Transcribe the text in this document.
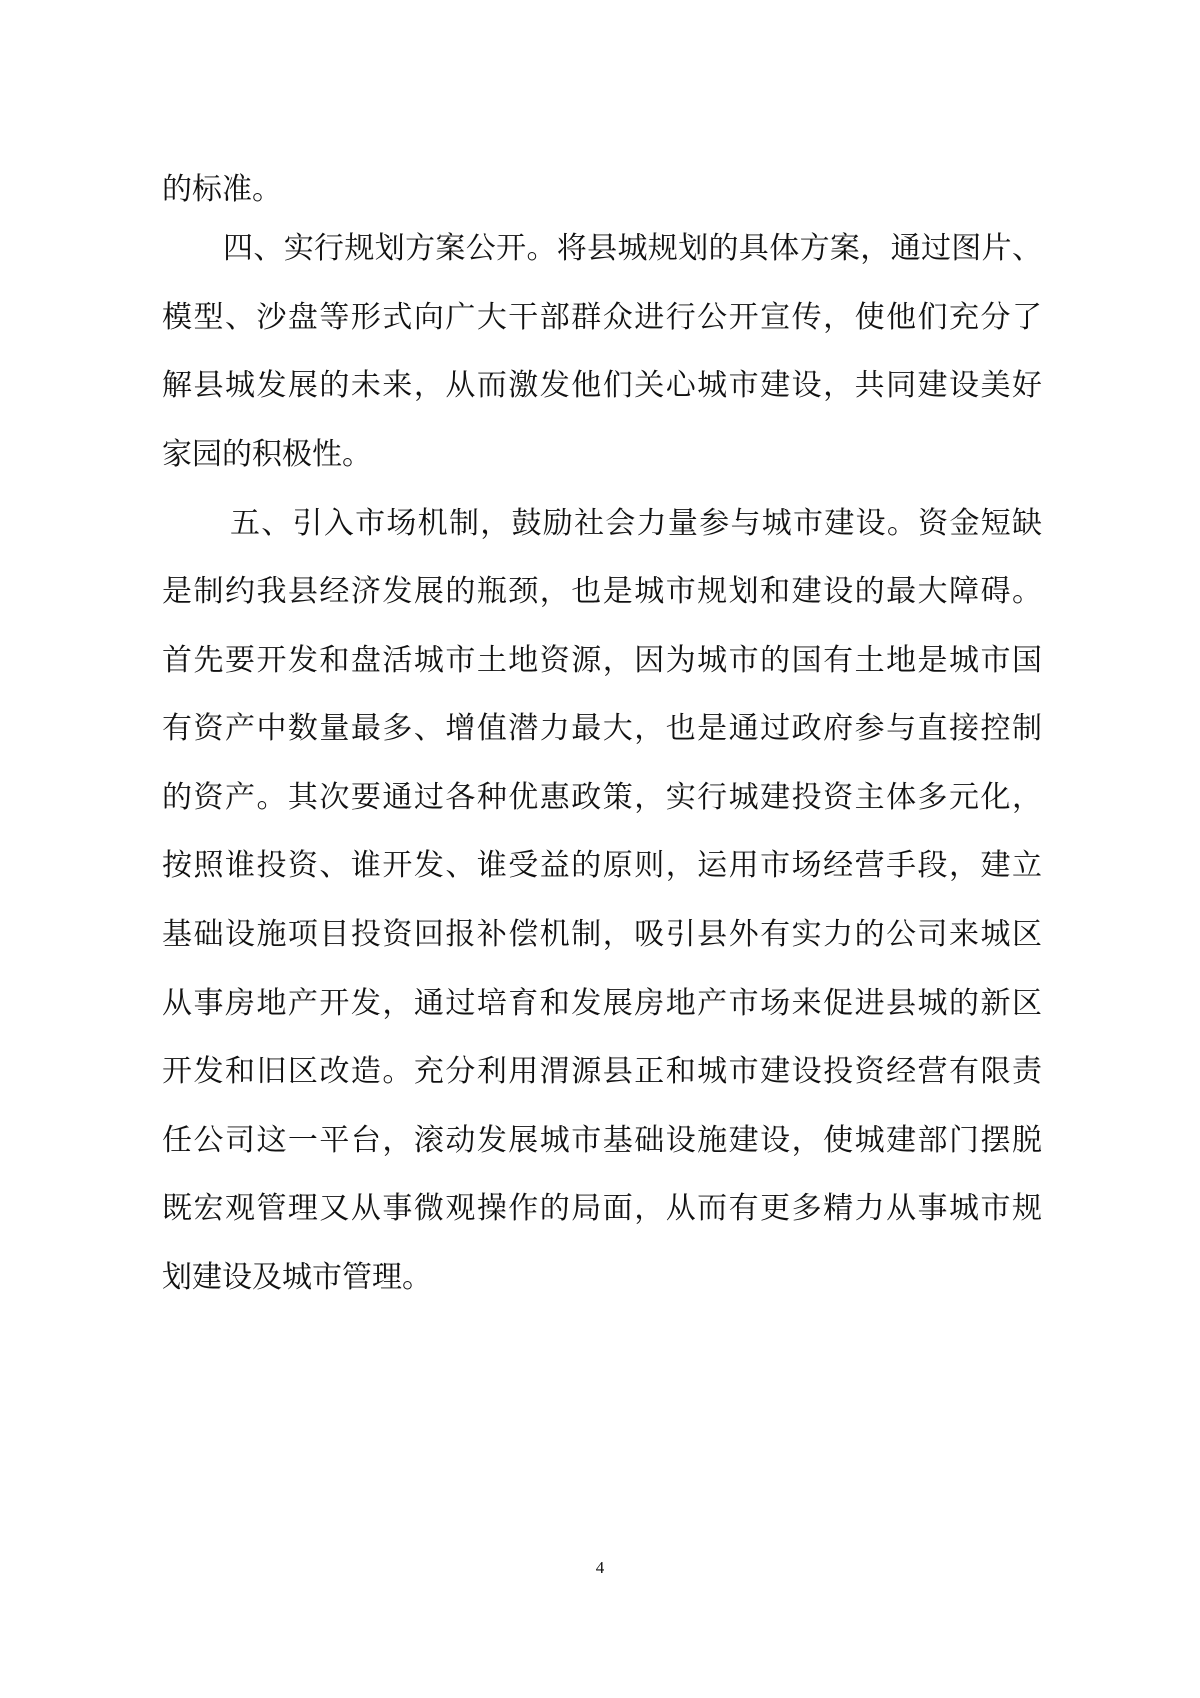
的标准。
四、实行规划方案公开。将县城规划的具体方案，通过图片、
模型、沙盘等形式向广大干部群众进行公开宣传，使他们充分了
解县城发展的未来，从而激发他们关心城市建设，共同建设美好
家园的积极性。
五、引入市场机制，鼓励社会力量参与城市建设。资金短缺
是制约我县经济发展的瓶颈，也是城市规划和建设的最大障碍。
首先要开发和盘活城市土地资源，因为城市的国有土地是城市国
有资产中数量最多、增值潜力最大，也是通过政府参与直接控制
的资产。其次要通过各种优惠政策，实行城建投资主体多元化，
按照谁投资、谁开发、谁受益的原则，运用市场经营手段，建立
基础设施项目投资回报补偿机制，吸引县外有实力的公司来城区
从事房地产开发，通过培育和发展房地产市场来促进县城的新区
开发和旧区改造。充分利用渭源县正和城市建设投资经营有限责
任公司这一平台，滚动发展城市基础设施建设，使城建部门摆脱
既宏观管理又从事微观操作的局面，从而有更多精力从事城市规
划建设及城市管理。
4
